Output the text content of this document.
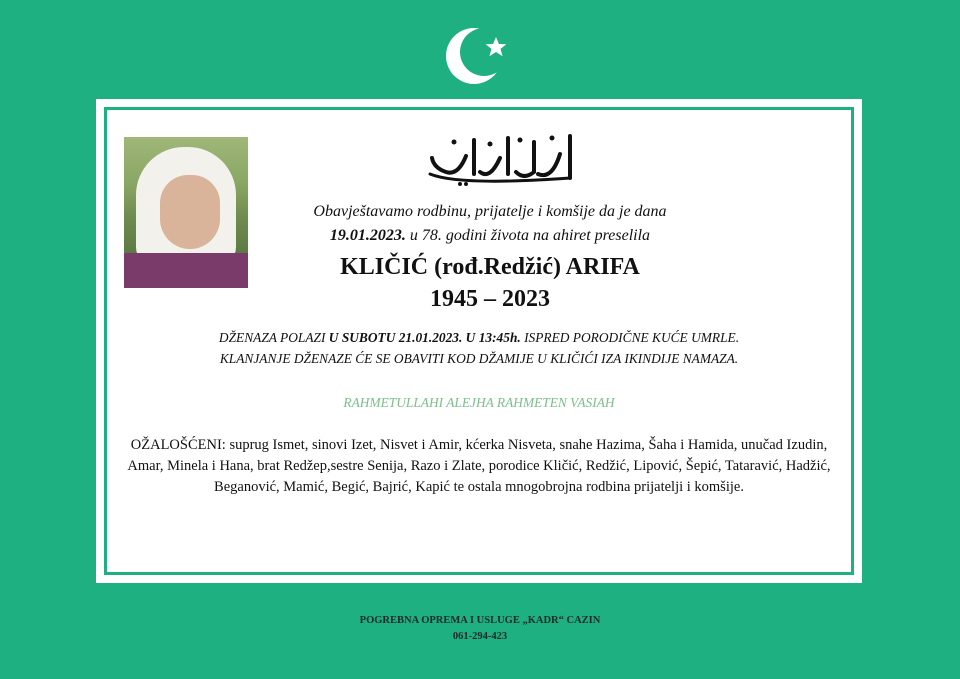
Obavještavamo rodbinu, prijatelje i komšije da je dana

19.01.2023. u 78. godini života na ahiret preselila

KLIČIĆ (rođ.Redžić) ARIFA

1945 – 2023

DŽENAZA POLAZI U SUBOTU 21.01.2023. U 13:45h. ISPRED PORODIČNE KUĆE UMRLE.

KLANJANJE DŽENAZE ĆE SE OBAVITI KOD DŽAMIJE U KLIČIĆI IZA IKINDIJE NAMAZA.

RAHMETULLAHI ALEJHA RAHMETEN VASIAH

OŽALOŠĆENI: suprug Ismet, sinovi Izet, Nisvet i Amir, kćerka Nisveta, snahe Hazima, Šaha i Hamida, unučad Izudin, Amar, Minela i Hana, brat Redžep,sestre Senija, Razo i Zlate, porodice Kličić, Redžić, Lipović, Šepić, Tataravić, Hadžić, Beganović, Mamić, Begić, Bajrić, Kapić te ostala mnogobrojna rodbina prijatelji i komšije.

POGREBNA OPREMA I USLUGE „KADR“ CAZIN

061-294-423
